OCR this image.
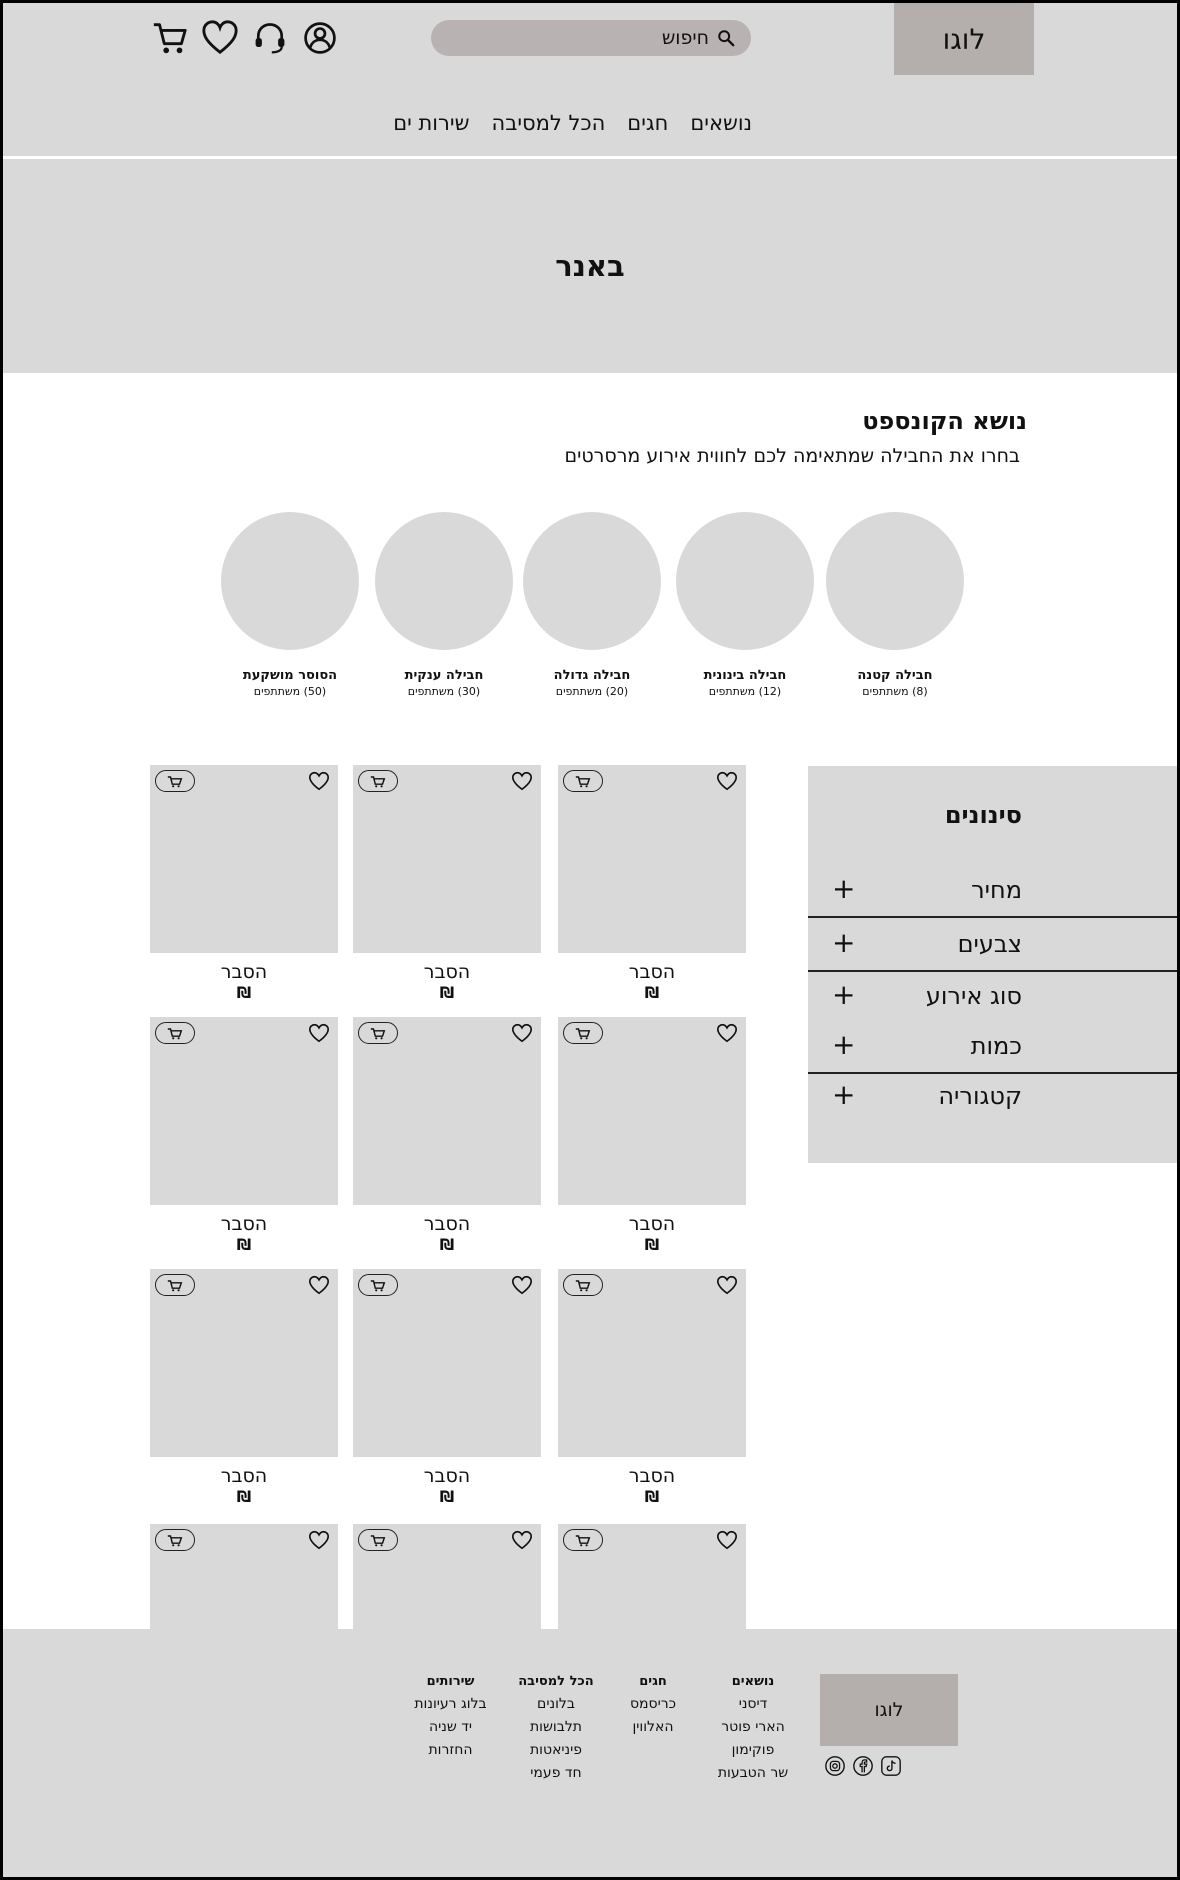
לוגו
חיפוש
נושאים
חגים
הכל למסיבה
שירות ים
באנר
נושא הקונספט
בחרו את החבילה שמתאימה לכם לחווית אירוע מרסרטים
חבילה קטנה
(8) משתתפים
חבילה בינונית
(12) משתתפים
חבילה גדולה
(20) משתתפים
חבילה ענקית
(30) משתתפים
הסוסר מושקעת
(50) משתתפים
סינונים
מחיר
+
צבעים
+
סוג אירוע
+
כמות
+
קטגוריה
+
הסבר
₪
הסבר
₪
הסבר
₪
הסבר
₪
הסבר
₪
הסבר
₪
הסבר
₪
הסבר
₪
הסבר
₪
לוגו
נושאים
דיסני
הארי פוטר
פוקימון
שר הטבעות
חגים
כריסמס
האלווין
הכל למסיבה
בלונים
תלבושות
פיניאטות
חד פעמי
שירותים
בלוג רעיונות
יד שניה
החזרות
